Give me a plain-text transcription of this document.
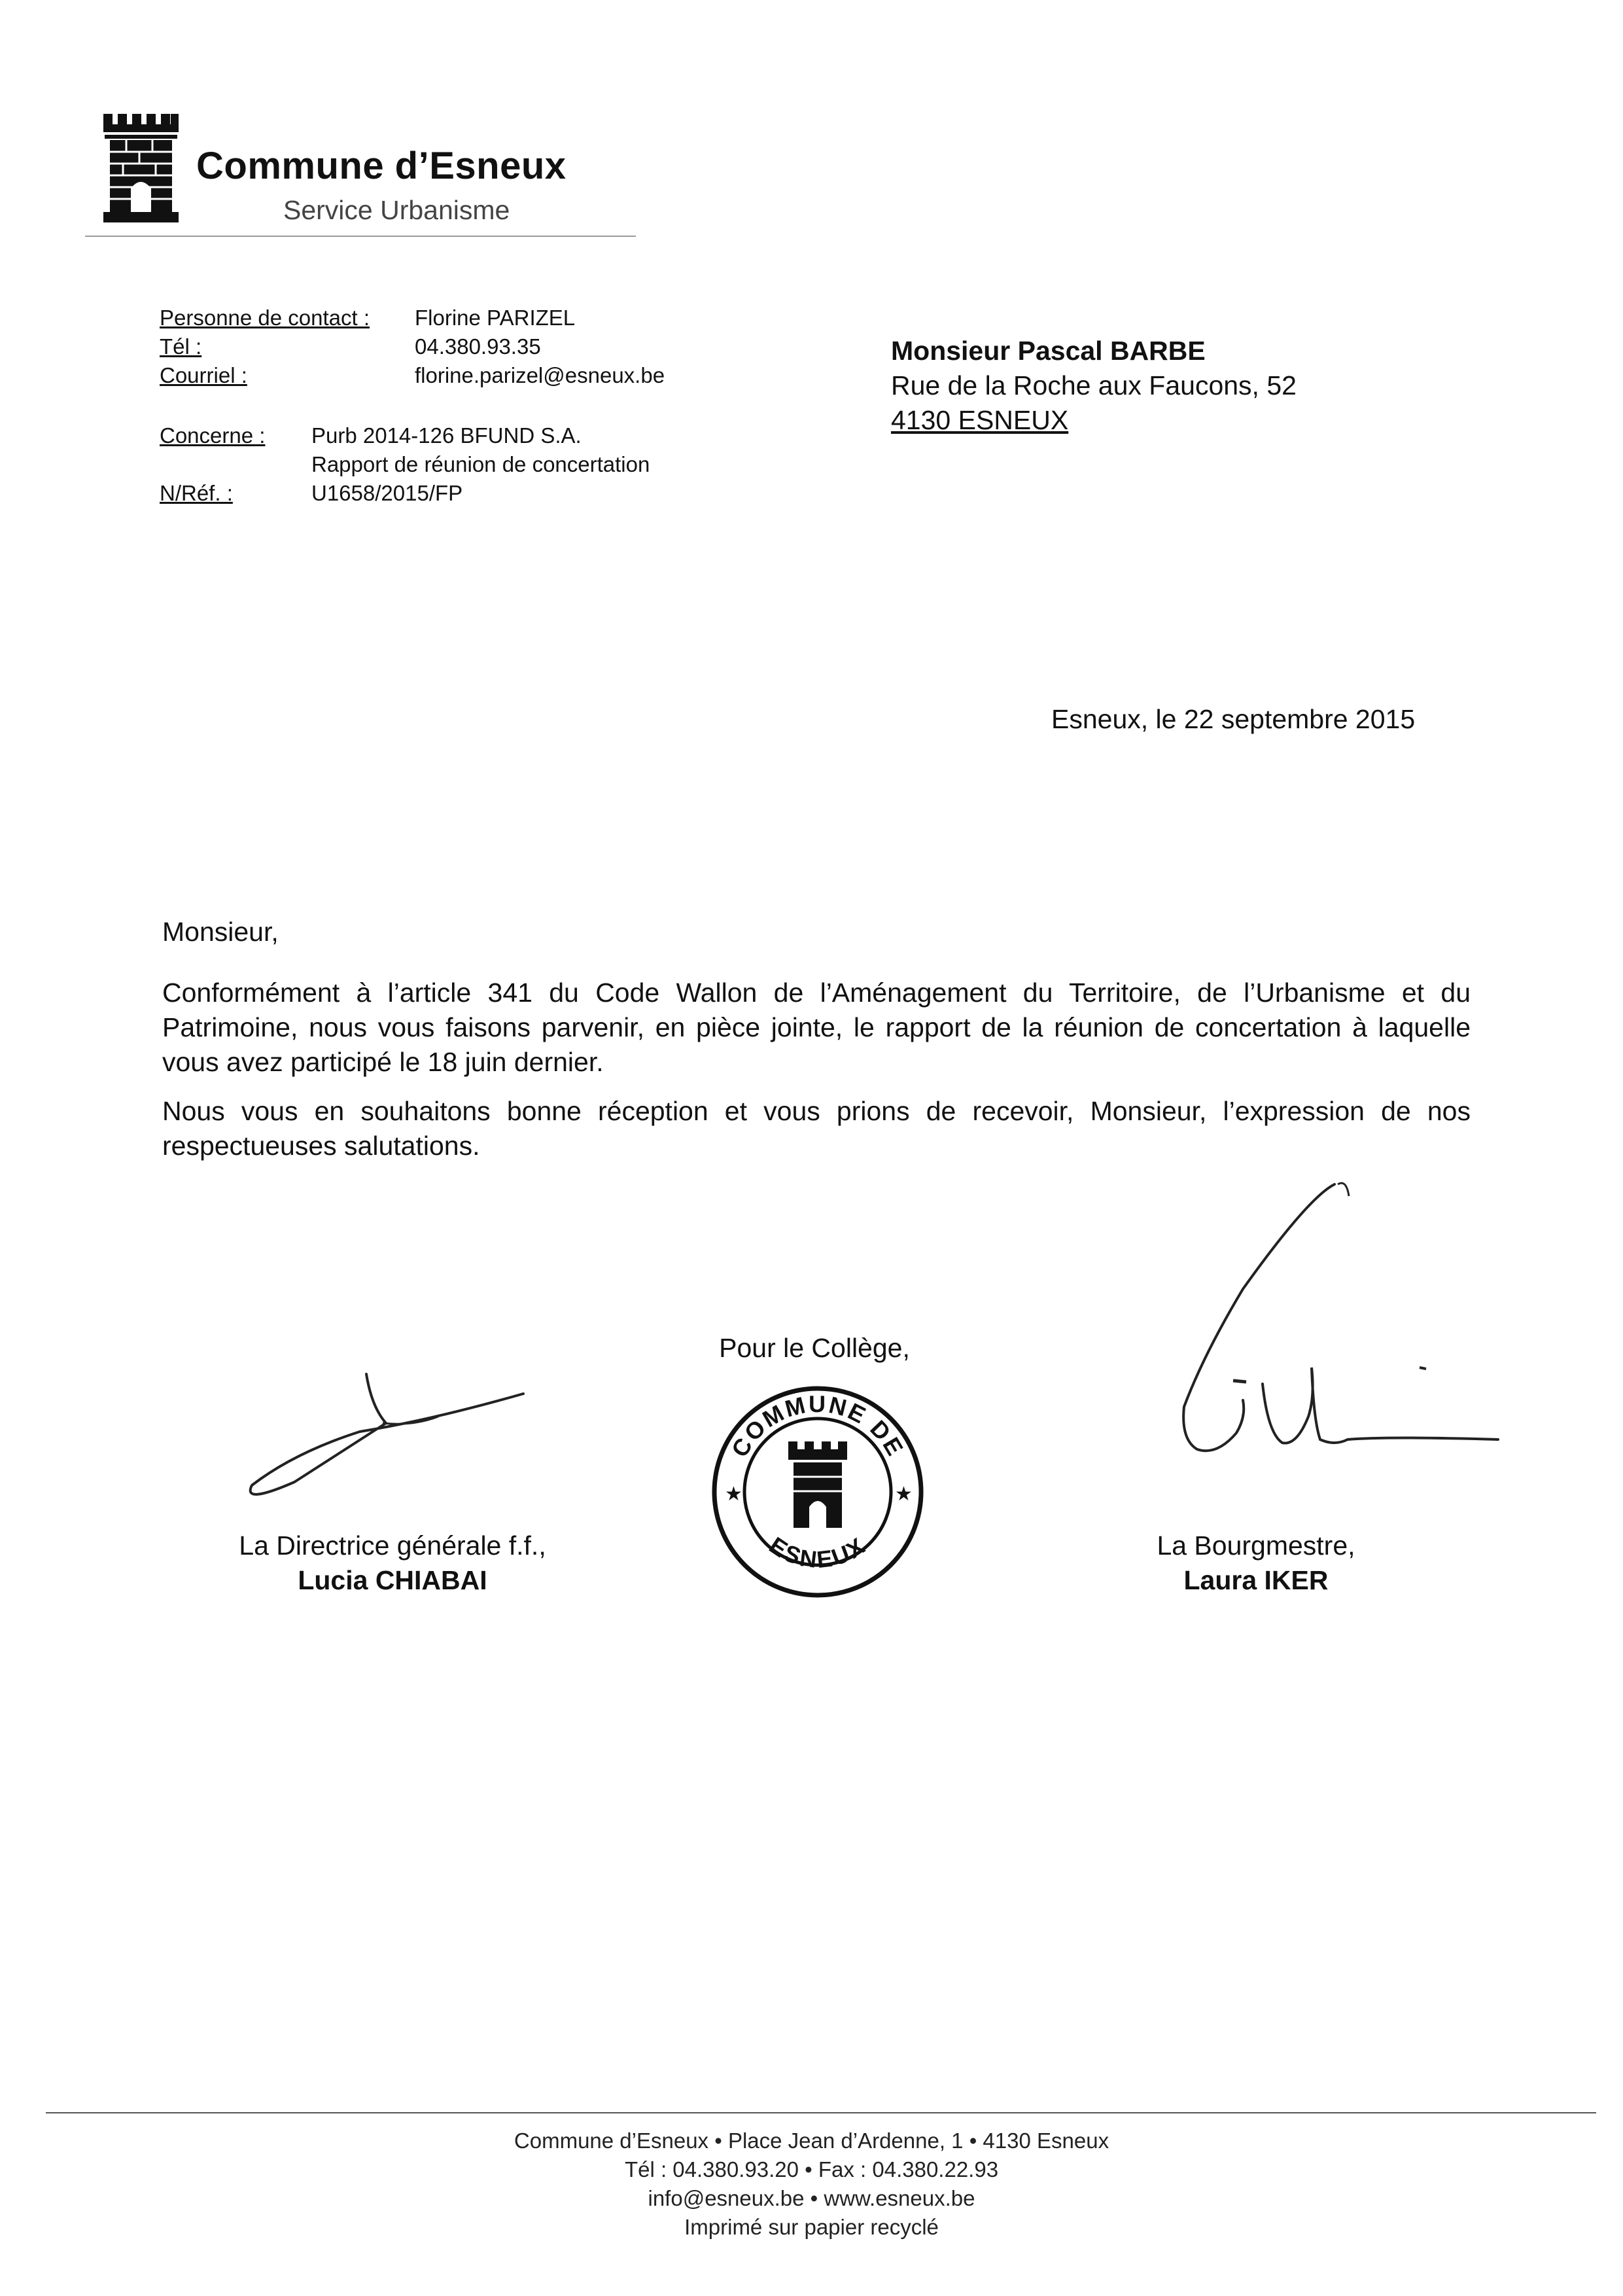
Commune d’Esneux
Service Urbanisme
Personne de contact :	Florine PARIZEL
Tél :	04.380.93.35
Courriel :	florine.parizel@esneux.be
Concerne :	Purb 2014-126 BFUND S.A.
Rapport de réunion de concertation
N/Réf. :	U1658/2015/FP
Monsieur Pascal BARBE
Rue de la Roche aux Faucons, 52
4130 ESNEUX
Esneux, le 22 septembre 2015

Monsieur,

Conformément à l’article 341 du Code Wallon de l’Aménagement du Territoire, de l’Urbanisme et du Patrimoine, nous vous faisons parvenir, en pièce jointe, le rapport de la réunion de concertation à laquelle vous avez participé le 18 juin dernier.

Nous vous en souhaitons bonne réception et vous prions de recevoir, Monsieur, l’expression de nos respectueuses salutations.

Pour le Collège,
COMMUNE DE
ESNEUX
★	★
La Directrice générale f.f.,
Lucia CHIABAI
La Bourgmestre,
Laura IKER
Commune d’Esneux • Place Jean d’Ardenne, 1 • 4130 Esneux
Tél : 04.380.93.20 • Fax : 04.380.22.93
info@esneux.be • www.esneux.be
Imprimé sur papier recyclé
